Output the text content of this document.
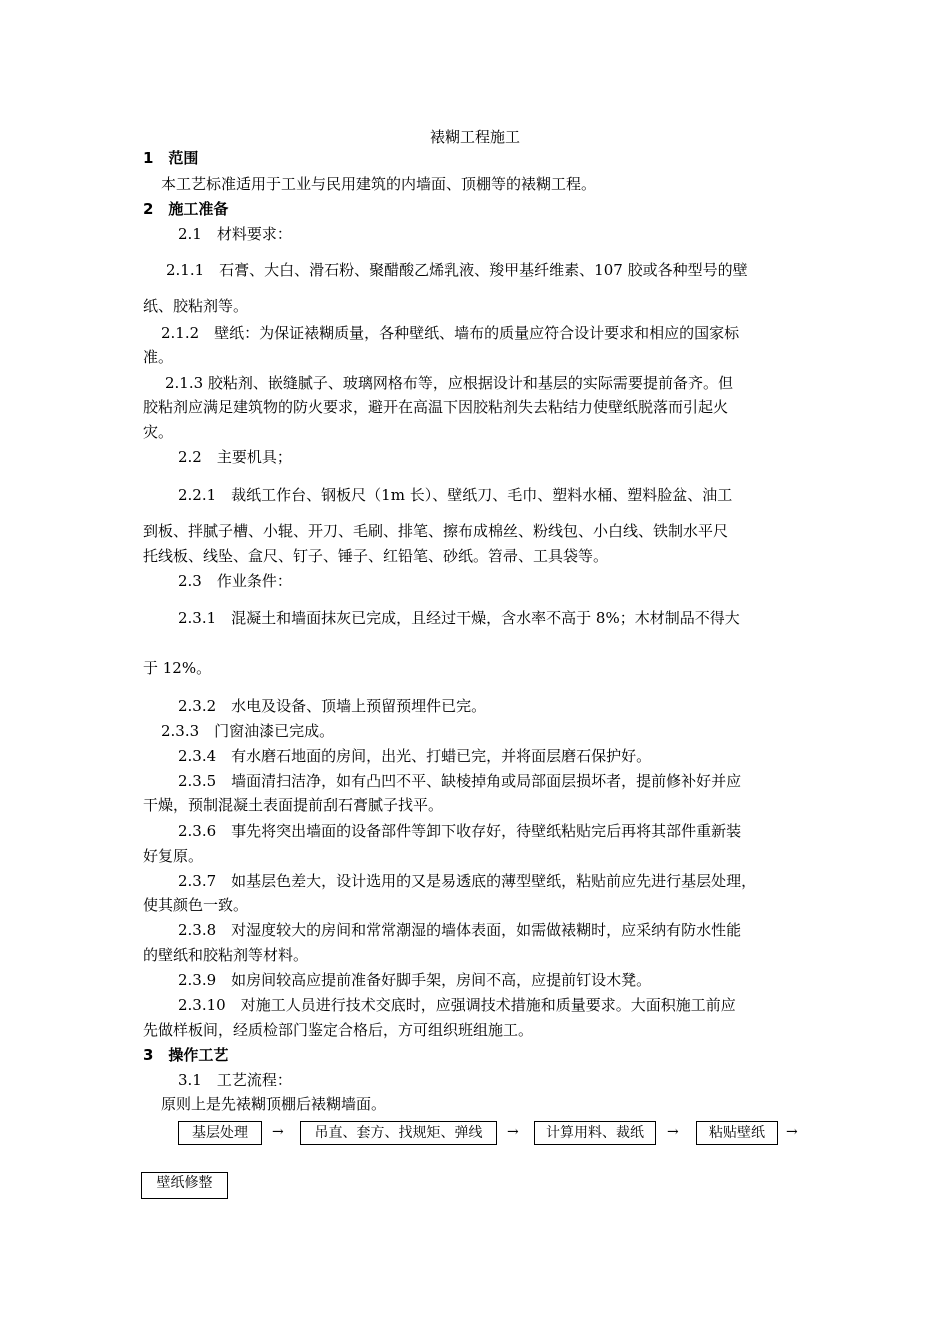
裱糊工程施工
1　范围
本工艺标准适用于工业与民用建筑的内墙面、顶棚等的裱糊工程。
2　施工准备
2.1　材料要求：
2.1.1　石膏、大白、滑石粉、聚醋酸乙烯乳液、羧甲基纤维素、107 胶或各种型号的壁
纸、胶粘剂等。
2.1.2　壁纸：为保证裱糊质量，各种壁纸、墙布的质量应符合设计要求和相应的国家标
准。
2.1.3 胶粘剂、嵌缝腻子、玻璃网格布等，应根据设计和基层的实际需要提前备齐。但
胶粘剂应满足建筑物的防火要求，避开在高温下因胶粘剂失去粘结力使壁纸脱落而引起火
灾。
2.2　主要机具；
2.2.1　裁纸工作台、钢板尺（1m 长）、壁纸刀、毛巾、塑料水桶、塑料脸盆、油工
到板、拌腻子槽、小辊、开刀、毛刷、排笔、擦布成棉丝、粉线包、小白线、铁制水平尺
托线板、线坠、盒尺、钉子、锤子、红铅笔、砂纸。笤帚、工具袋等。
2.3　作业条件：
2.3.1　混凝土和墙面抹灰已完成，且经过干燥，含水率不高于 8%；木材制品不得大
于 12%。
2.3.2　水电及设备、顶墙上预留预埋件已完。
2.3.3　门窗油漆已完成。
2.3.4　有水磨石地面的房间，出光、打蜡已完，并将面层磨石保护好。
2.3.5　墙面清扫洁净，如有凸凹不平、缺棱掉角或局部面层损坏者，提前修补好并应
干燥，预制混凝土表面提前刮石膏腻子找平。
2.3.6　事先将突出墙面的设备部件等卸下收存好，待壁纸粘贴完后再将其部件重新装
好复原。
2.3.7　如基层色差大，设计选用的又是易透底的薄型壁纸，粘贴前应先进行基层处理，
使其颜色一致。
2.3.8　对湿度较大的房间和常常潮湿的墙体表面，如需做裱糊时，应采纳有防水性能
的壁纸和胶粘剂等材料。
2.3.9　如房间较高应提前准备好脚手架，房间不高，应提前钉设木凳。
2.3.10　对施工人员进行技术交底时，应强调技术措施和质量要求。大面积施工前应
先做样板间，经质检部门鉴定合格后，方可组织班组施工。
3　操作工艺
3.1　工艺流程：
原则上是先裱糊顶棚后裱糊墙面。
基层处理	→	吊直、套方、找规矩、弹线	→	计算用料、裁纸	→	粘贴壁纸	→
壁纸修整
